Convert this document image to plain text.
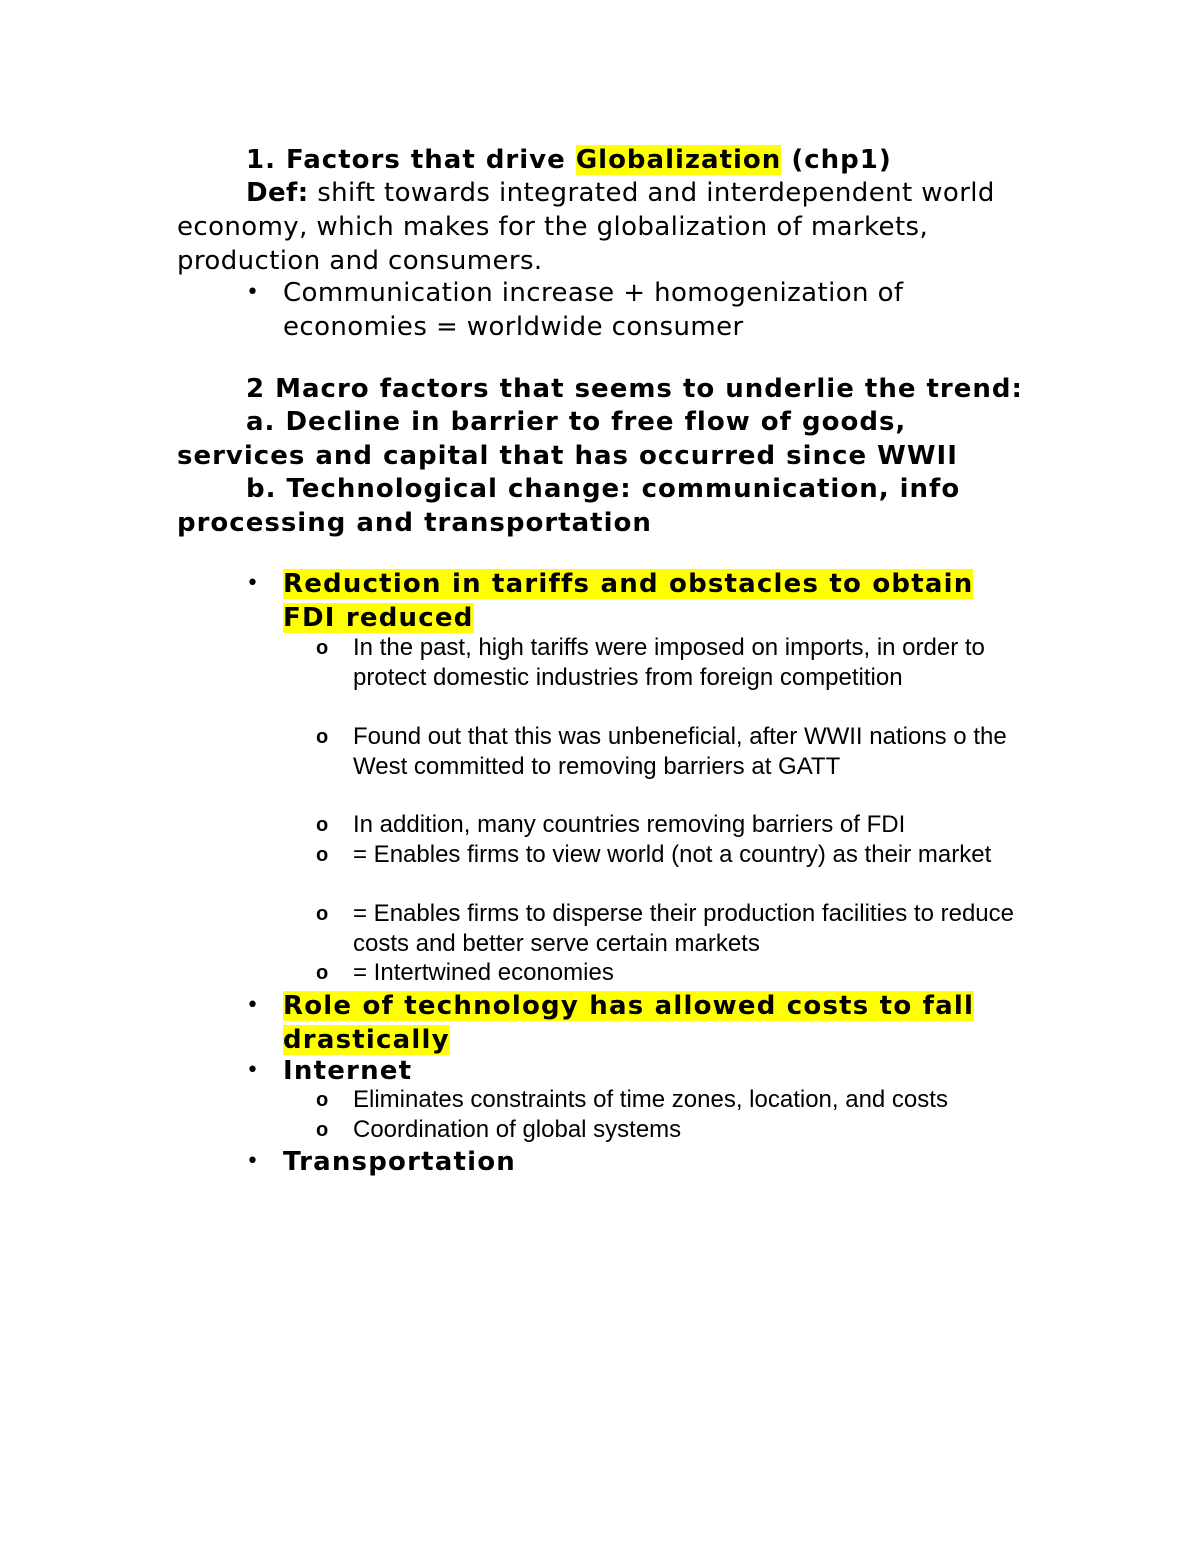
1. Factors that drive Globalization (chp1)
Def: shift towards integrated and interdependent world economy, which makes for the globalization of markets, production and consumers.
• Communication increase + homogenization of economies = worldwide consumer
2 Macro factors that seems to underlie the trend:
a. Decline in barrier to free flow of goods, services and capital that has occurred since WWII
b. Technological change: communication, info processing and transportation
• Reduction in tariffs and obstacles to obtain FDI reduced
o In the past, high tariffs were imposed on imports, in order to protect domestic industries from foreign competition
o Found out that this was unbeneficial, after WWII nations o the West committed to removing barriers at GATT
o In addition, many countries removing barriers of FDI
o = Enables firms to view world (not a country) as their market
o = Enables firms to disperse their production facilities to reduce costs and better serve certain markets
o = Intertwined economies
• Role of technology has allowed costs to fall drastically
• Internet
o Eliminates constraints of time zones, location, and costs
o Coordination of global systems
• Transportation
